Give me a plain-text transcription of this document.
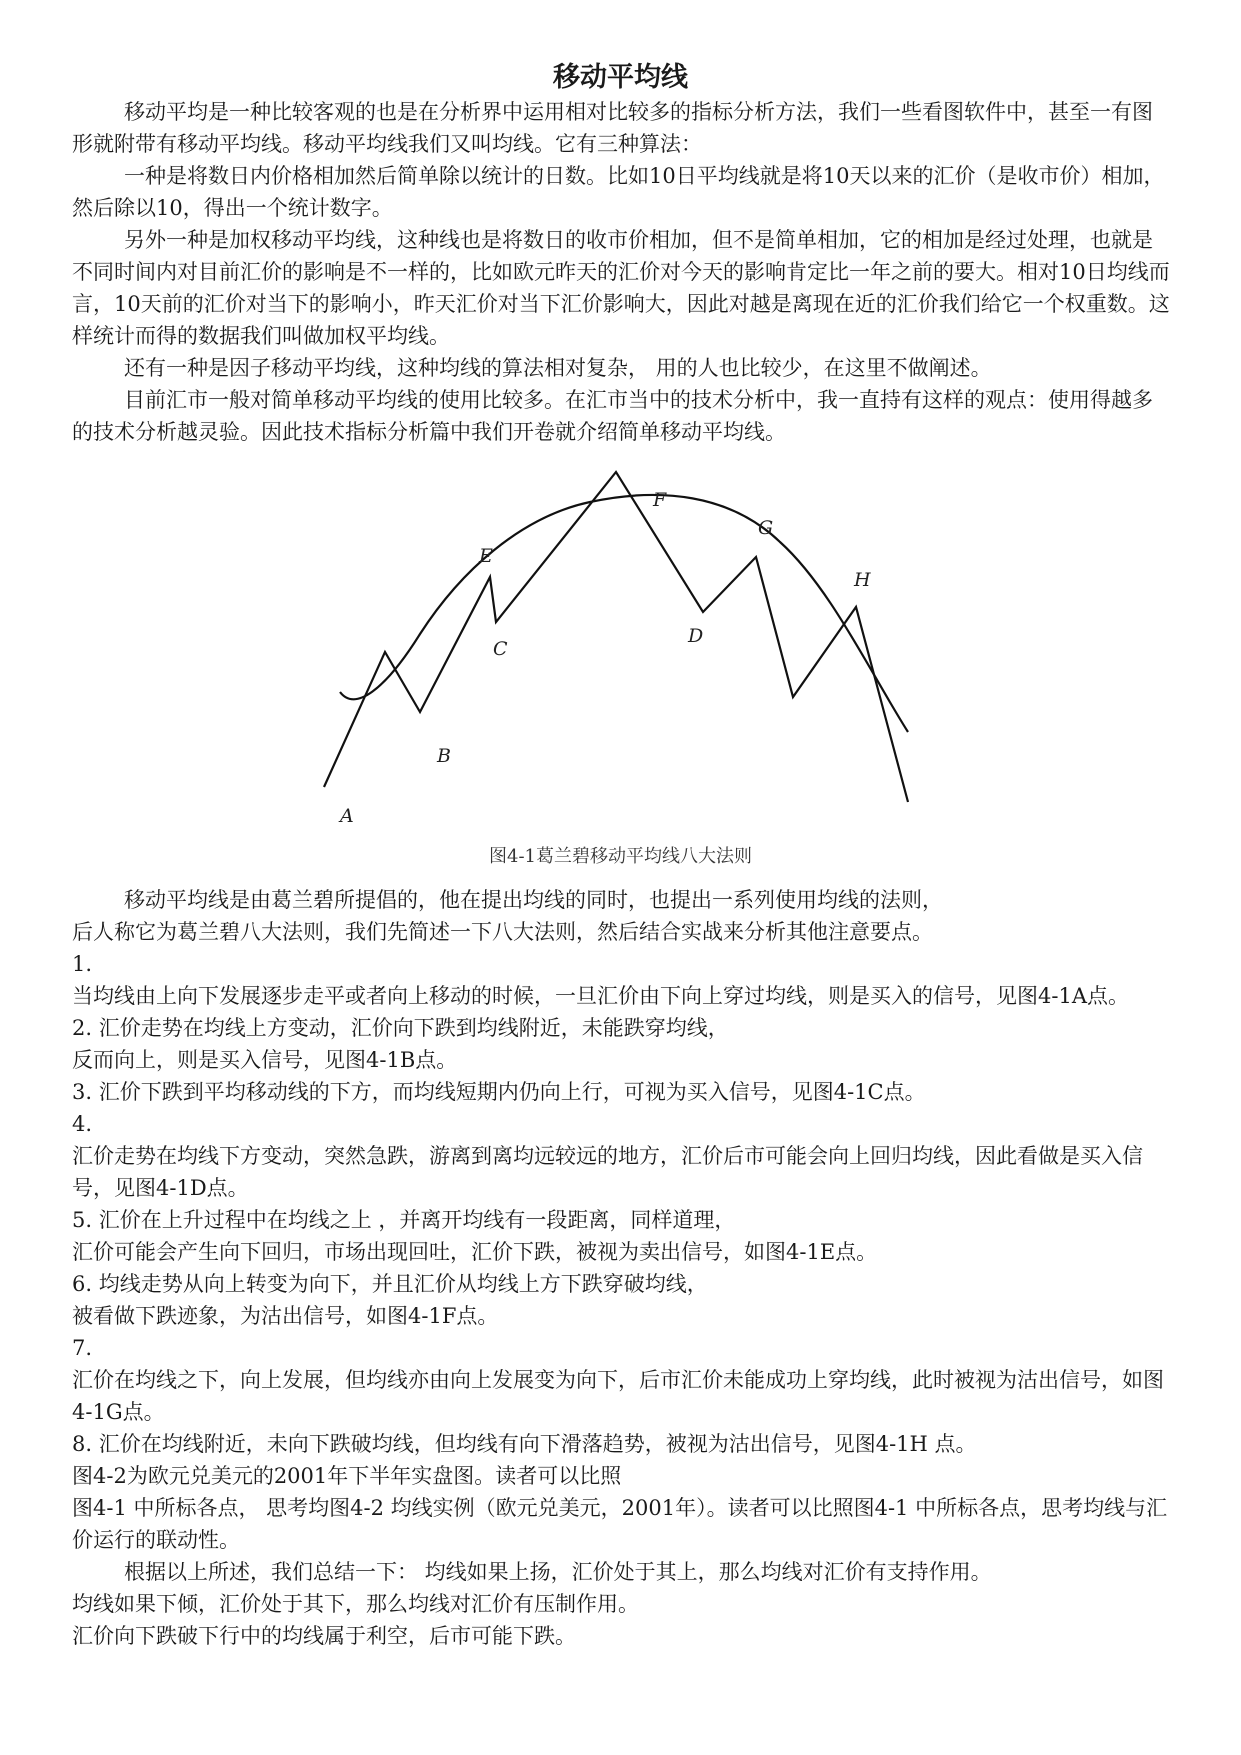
移动平均线

移动平均是一种比较客观的也是在分析界中运用相对比较多的指标分析方法，我们一些看图软件中，甚至一有图形就附带有移动平均线。移动平均线我们又叫均线。它有三种算法：

一种是将数日内价格相加然后简单除以统计的日数。比如10日平均线就是将10天以来的汇价（是收市价）相加，然后除以10，得出一个统计数字。

另外一种是加权移动平均线，这种线也是将数日的收市价相加，但不是简单相加，它的相加是经过处理，也就是不同时间内对目前汇价的影响是不一样的，比如欧元昨天的汇价对今天的影响肯定比一年之前的要大。相对10日均线而言，10天前的汇价对当下的影响小，昨天汇价对当下汇价影响大，因此对越是离现在近的汇价我们给它一个权重数。这样统计而得的数据我们叫做加权平均线。

还有一种是因子移动平均线，这种均线的算法相对复杂， 用的人也比较少，在这里不做阐述。

目前汇市一般对简单移动平均线的使用比较多。在汇市当中的技术分析中，我一直持有这样的观点：使用得越多的技术分析越灵验。因此技术指标分析篇中我们开卷就介绍简单移动平均线。

A
B
C
D
E
F
G
H
图4-1葛兰碧移动平均线八大法则

移动平均线是由葛兰碧所提倡的，他在提出均线的同时，也提出一系列使用均线的法则，

后人称它为葛兰碧八大法则，我们先简述一下八大法则，然后结合实战来分析其他注意要点。

1.

当均线由上向下发展逐步走平或者向上移动的时候，一旦汇价由下向上穿过均线，则是买入的信号，见图4-1A点。

2. 汇价走势在均线上方变动，汇价向下跌到均线附近，未能跌穿均线，

反而向上，则是买入信号，见图4-1B点。

3. 汇价下跌到平均移动线的下方，而均线短期内仍向上行，可视为买入信号，见图4-1C点。

4.

汇价走势在均线下方变动，突然急跌，游离到离均远较远的地方，汇价后市可能会向上回归均线，因此看做是买入信号，见图4-1D点。

5. 汇价在上升过程中在均线之上 ，并离开均线有一段距离，同样道理，

汇价可能会产生向下回归，市场出现回吐，汇价下跌，被视为卖出信号，如图4-1E点。

6. 均线走势从向上转变为向下，并且汇价从均线上方下跌穿破均线，

被看做下跌迹象，为沽出信号，如图4-1F点。

7.

汇价在均线之下，向上发展，但均线亦由向上发展变为向下，后市汇价未能成功上穿均线，此时被视为沽出信号，如图4-1G点。

8. 汇价在均线附近，未向下跌破均线，但均线有向下滑落趋势，被视为沽出信号，见图4-1H 点。

图4-2为欧元兑美元的2001年下半年实盘图。读者可以比照

图4-1 中所标各点， 思考均图4-2 均线实例（欧元兑美元，2001年）。读者可以比照图4-1 中所标各点，思考均线与汇价运行的联动性。

根据以上所述，我们总结一下： 均线如果上扬，汇价处于其上，那么均线对汇价有支持作用。

均线如果下倾，汇价处于其下，那么均线对汇价有压制作用。

汇价向下跌破下行中的均线属于利空，后市可能下跌。
